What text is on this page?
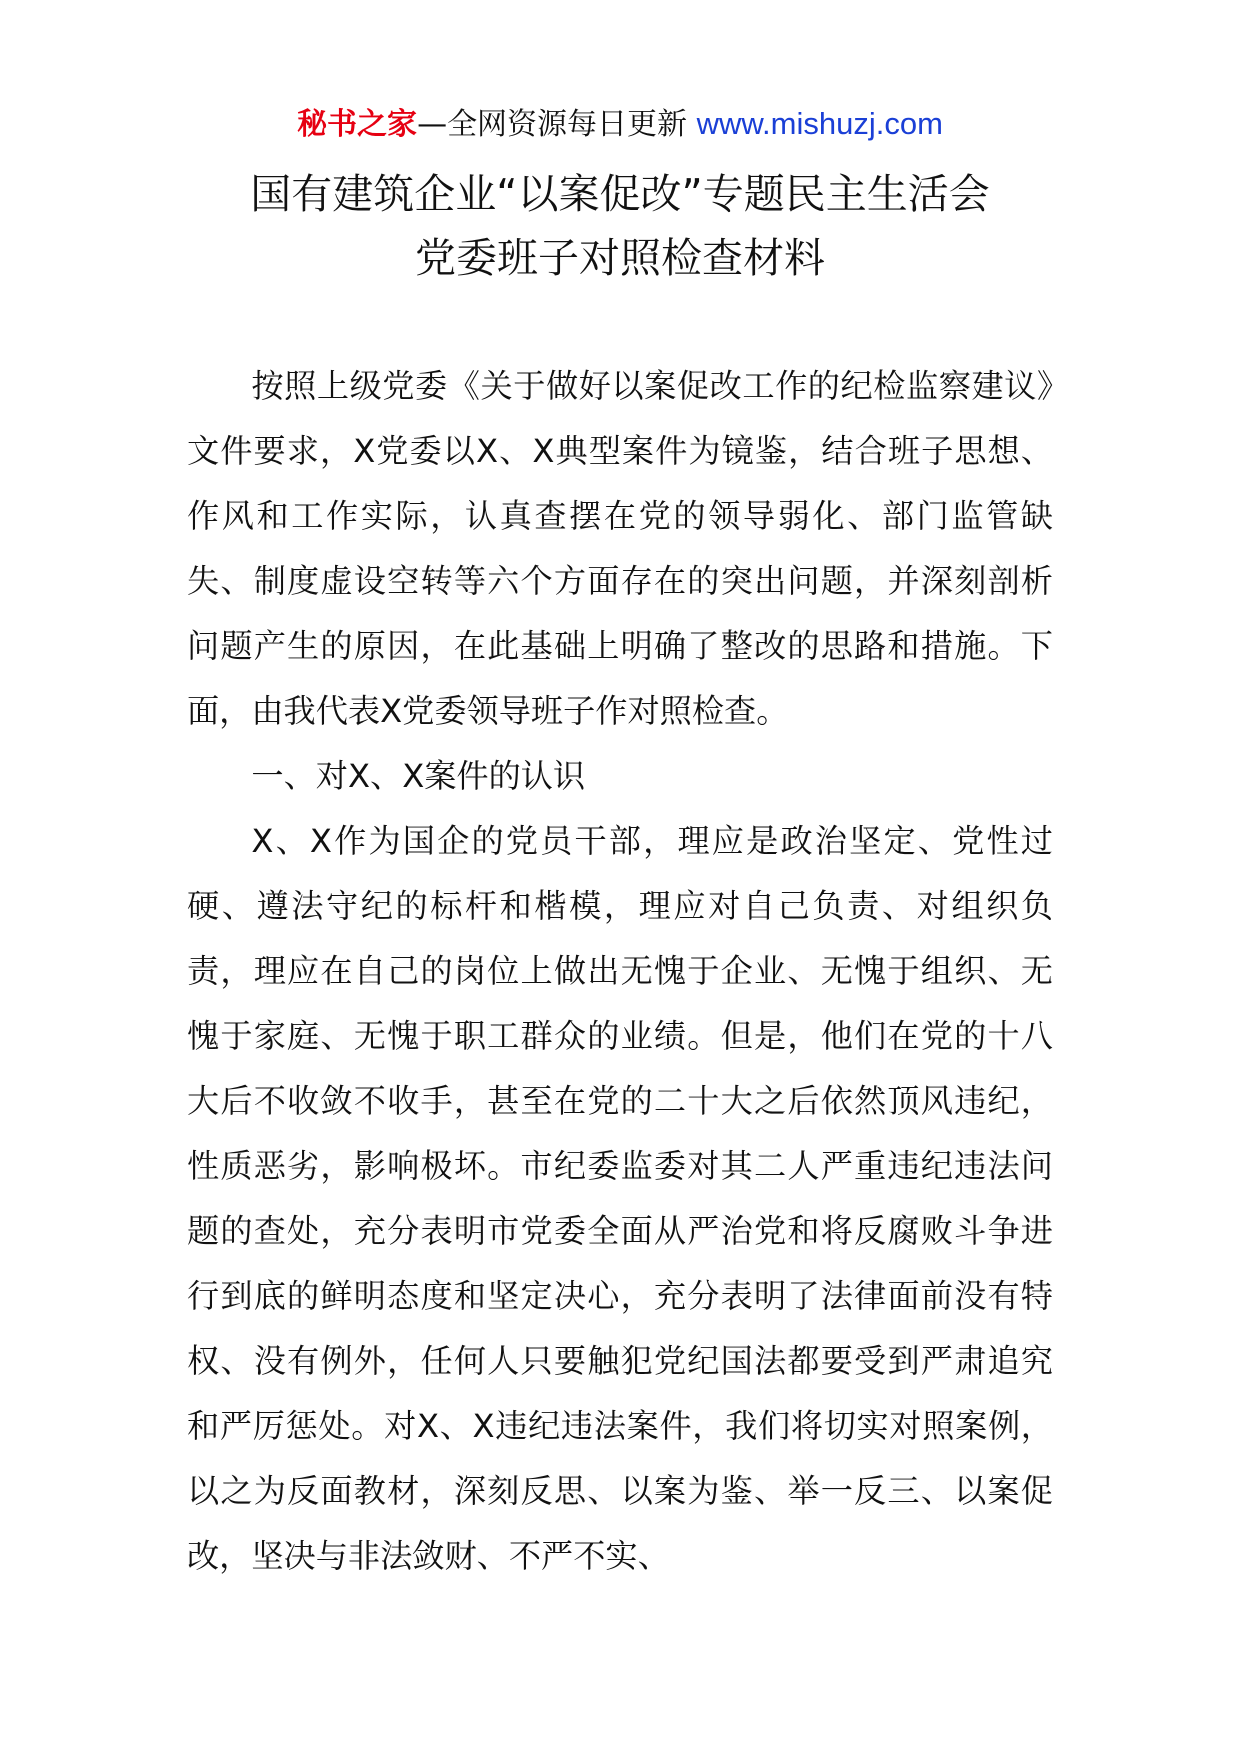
秘书之家—全网资源每日更新 www.mishuzj.com
国有建筑企业“以案促改”专题民主生活会
党委班子对照检查材料

按照上级党委《关于做好以案促改工作的纪检监察建议》文件要求，X党委以X、X典型案件为镜鉴，结合班子思想、作风和工作实际，认真查摆在党的领导弱化、部门监管缺失、制度虚设空转等六个方面存在的突出问题，并深刻剖析问题产生的原因，在此基础上明确了整改的思路和措施。下面，由我代表X党委领导班子作对照检查。

一、对X、X案件的认识

X、X作为国企的党员干部，理应是政治坚定、党性过硬、遵法守纪的标杆和楷模，理应对自己负责、对组织负责，理应在自己的岗位上做出无愧于企业、无愧于组织、无愧于家庭、无愧于职工群众的业绩。但是，他们在党的十八大后不收敛不收手，甚至在党的二十大之后依然顶风违纪，性质恶劣，影响极坏。市纪委监委对其二人严重违纪违法问题的查处，充分表明市党委全面从严治党和将反腐败斗争进行到底的鲜明态度和坚定决心，充分表明了法律面前没有特权、没有例外，任何人只要触犯党纪国法都要受到严肃追究和严厉惩处。对X、X违纪违法案件，我们将切实对照案例，以之为反面教材，深刻反思、以案为鉴、举一反三、以案促改，坚决与非法敛财、不严不实、
